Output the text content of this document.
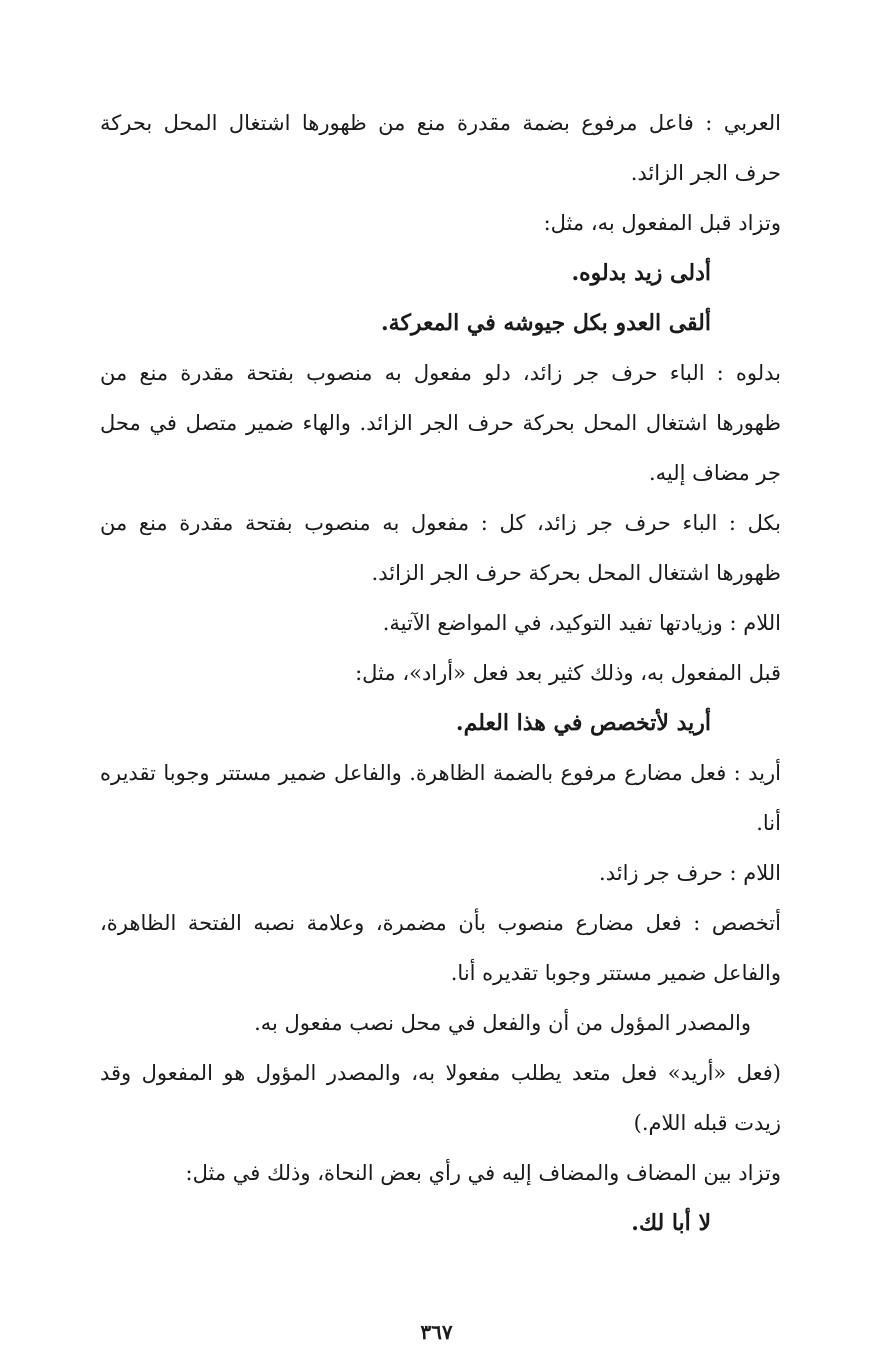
العربي : فاعل مرفوع بضمة مقدرة منع من ظهورها اشتغال المحل بحركة حرف الجر الزائد.

وتزاد قبل المفعول به، مثل:

أدلى زيد بدلوه.

ألقى العدو بكل جيوشه في المعركة.

بدلوه : الباء حرف جر زائد، دلو مفعول به منصوب بفتحة مقدرة منع من ظهورها اشتغال المحل بحركة حرف الجر الزائد. والهاء ضمير متصل في محل جر مضاف إليه.

بكل : الباء حرف جر زائد، كل : مفعول به منصوب بفتحة مقدرة منع من ظهورها اشتغال المحل بحركة حرف الجر الزائد.

اللام : وزيادتها تفيد التوكيد، في المواضع الآتية.

قبل المفعول به، وذلك كثير بعد فعل «أراد»، مثل:

أريد لأتخصص في هذا العلم.

أريد : فعل مضارع مرفوع بالضمة الظاهرة. والفاعل ضمير مستتر وجوبا تقديره أنا.

اللام : حرف جر زائد.

أتخصص : فعل مضارع منصوب بأن مضمرة، وعلامة نصبه الفتحة الظاهرة، والفاعل ضمير مستتر وجوبا تقديره أنا.

والمصدر المؤول من أن والفعل في محل نصب مفعول به.

(فعل «أريد» فعل متعد يطلب مفعولا به، والمصدر المؤول هو المفعول وقد زيدت قبله اللام.)

وتزاد بين المضاف والمضاف إليه في رأي بعض النحاة، وذلك في مثل:

لا أبا لك.

٣٦٧
